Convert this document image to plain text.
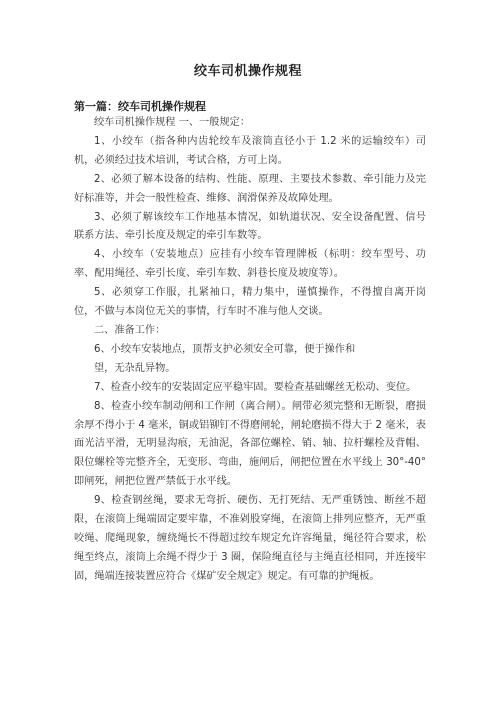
绞车司机操作规程
第一篇：绞车司机操作规程

绞车司机操作规程 一、一般规定：

1、小绞车（指各种内齿轮绞车及滚筒直径小于 1.2 米的运输绞车）司机，必须经过技术培训，考试合格，方可上岗。

2、必须了解本设备的结构、性能、原理、主要技术参数、牵引能力及完好标准等，并会一般性检查、维修、润滑保养及故障处理。

3、必须了解该绞车工作地基本情况，如轨道状况、安全设备配置、信号联系方法、牵引长度及规定的牵引车数等。

4、小绞车（安装地点）应挂有小绞车管理牌板（标明：绞车型号、功率、配用绳径、牵引长度、牵引车数、斜巷长度及坡度等）。

5、必须穿工作服，扎紧袖口，精力集中，谨慎操作，不得擅自离开岗位，不做与本岗位无关的事情，行车时不准与他人交谈。

二、准备工作：

6、小绞车安装地点，顶帮支护必须安全可靠，便于操作和

望，无杂乱异物。

7、检查小绞车的安装固定应平稳牢固。要检查基础螺丝无松动、变位。

8、检查小绞车制动闸和工作闸（离合闸）。闸带必须完整和无断裂，磨损余厚不得小于 4 毫米，铜或铝铆钉不得磨闸轮，闸轮磨损不得大于 2 毫米，表面光洁平滑，无明显沟痕，无油泥，各部位螺栓、销、轴、拉杆螺栓及背帽、限位螺栓等完整齐全，无变形、弯曲，施闸后，闸把位置在水平线上 30°-40°即闸死，闸把位置严禁低于水平线。

9、检查钢丝绳，要求无弯折、硬伤、无打死结、无严重锈蚀、断丝不超限，在滚筒上绳端固定要牢靠，不准剁股穿绳，在滚筒上排列应整齐，无严重咬绳、爬绳现象，缠绕绳长不得超过绞车规定允许容绳量，绳径符合要求，松绳至终点，滚筒上余绳不得少于 3 圈，保险绳直径与主绳直径相同，并连接牢固，绳端连接装置应符合《煤矿安全规定》规定。有可靠的护绳板。
